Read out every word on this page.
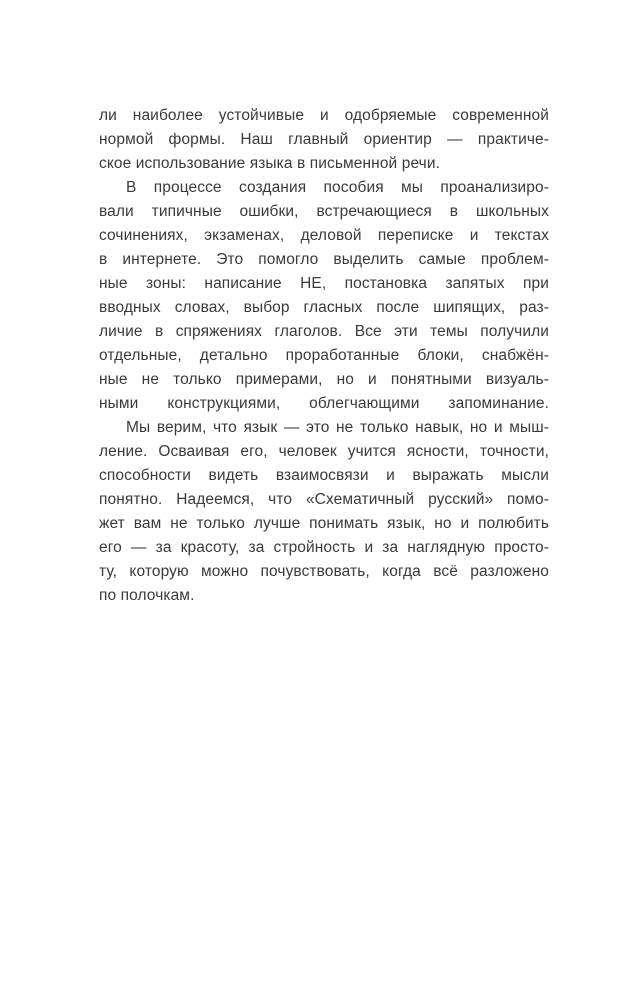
ли наиболее устойчивые и одобряемые современной
нормой формы. Наш главный ориентир — практиче-
ское использование языка в письменной речи.
В процессе создания пособия мы проанализиро-
вали типичные ошибки, встречающиеся в школьных
сочинениях, экзаменах, деловой переписке и текстах
в интернете. Это помогло выделить самые проблем-
ные зоны: написание НЕ, постановка запятых при
вводных словах, выбор гласных после шипящих, раз-
личие в спряжениях глаголов. Все эти темы получили
отдельные, детально проработанные блоки, снабжён-
ные не только примерами, но и понятными визуаль-
ными конструкциями, облегчающими запоминание.
Мы верим, что язык — это не только навык, но и мыш-
ление. Осваивая его, человек учится ясности, точности,
способности видеть взаимосвязи и выражать мысли
понятно. Надеемся, что «Схематичный русский» помо-
жет вам не только лучше понимать язык, но и полюбить
его — за красоту, за стройность и за наглядную просто-
ту, которую можно почувствовать, когда всё разложено
по полочкам.
